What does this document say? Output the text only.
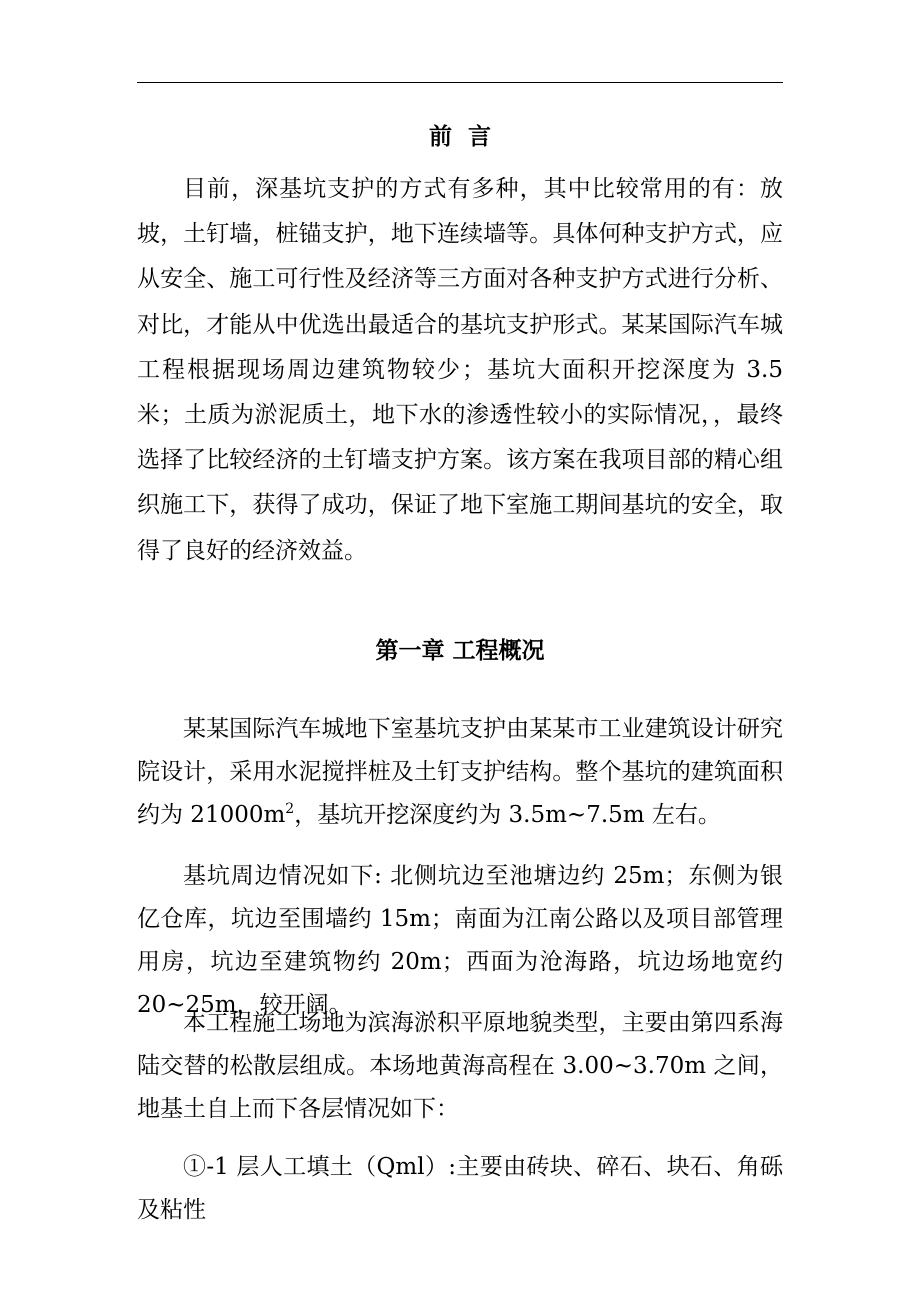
前言

目前，深基坑支护的方式有多种，其中比较常用的有：放坡，土钉墙，桩锚支护，地下连续墙等。具体何种支护方式，应从安全、施工可行性及经济等三方面对各种支护方式进行分析、对比，才能从中优选出最适合的基坑支护形式。某某国际汽车城工程根据现场周边建筑物较少；基坑大面积开挖深度为 3.5 米；土质为淤泥质土，地下水的渗透性较小的实际情况，，最终选择了比较经济的土钉墙支护方案。该方案在我项目部的精心组织施工下，获得了成功，保证了地下室施工期间基坑的安全，取得了良好的经济效益。

第一章 工程概况

某某国际汽车城地下室基坑支护由某某市工业建筑设计研究院设计，采用水泥搅拌桩及土钉支护结构。整个基坑的建筑面积约为 $21000m^2$，基坑开挖深度约为 3.5m~7.5m 左右。

基坑周边情况如下: 北侧坑边至池塘边约 25m；东侧为银亿仓库，坑边至围墙约 15m；南面为江南公路以及项目部管理用房，坑边至建筑物约 20m；西面为沧海路，坑边场地宽约 20~25m，较开阔。

本工程施工场地为滨海淤积平原地貌类型，主要由第四系海陆交替的松散层组成。本场地黄海高程在 3.00~3.70m 之间，地基土自上而下各层情况如下：

①-1 层人工填土（Qml）:主要由砖块、碎石、块石、角砾及粘性
